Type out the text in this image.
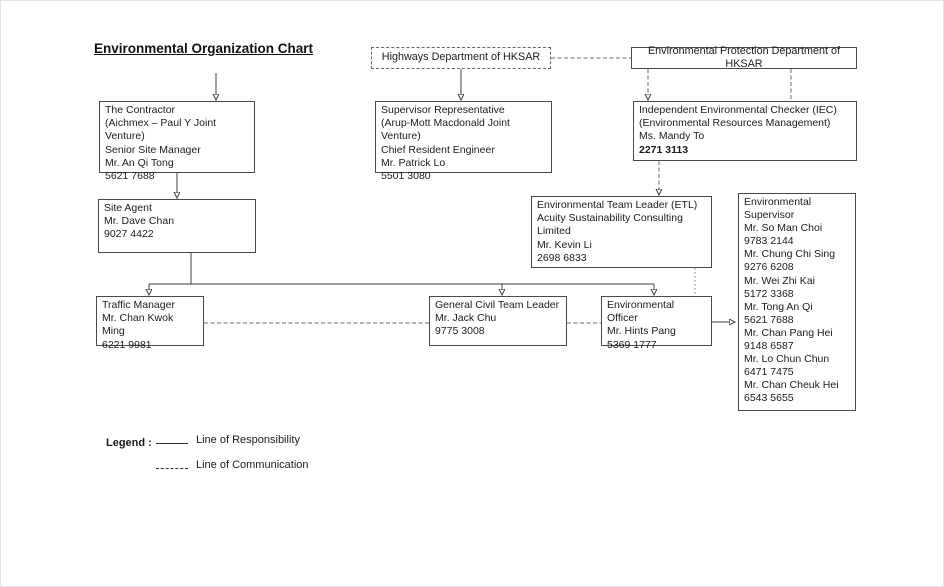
Environmental Organization Chart
Highways Department of HKSAR
Environmental Protection Department of HKSAR
The Contractor
(Aichmex – Paul Y Joint Venture)
Senior Site Manager
Mr. An Qi Tong
5621 7688
Supervisor Representative
(Arup-Mott Macdonald Joint Venture)
Chief Resident Engineer
Mr. Patrick Lo
5501 3080
Independent Environmental Checker (IEC)
(Environmental Resources Management)
Ms. Mandy To
2271 3113
Site Agent
Mr. Dave Chan
9027 4422
Environmental Team Leader (ETL)
Acuity Sustainability Consulting
Limited
Mr. Kevin Li
2698 6833
Environmental
Supervisor
Mr. So Man Choi
9783 2144
Mr. Chung Chi Sing
9276 6208
Mr. Wei Zhi Kai
5172 3368
Mr. Tong An Qi
5621 7688
Mr. Chan Pang Hei
9148 6587
Mr. Lo Chun Chun
6471 7475
Mr. Chan Cheuk Hei
6543 5655
Traffic Manager
Mr. Chan Kwok Ming
6221 9981
General Civil Team Leader
Mr. Jack Chu
9775 3008
Environmental Officer
Mr. Hints Pang
5369 1777
Legend :	Line of Responsibility
Line of Communication
